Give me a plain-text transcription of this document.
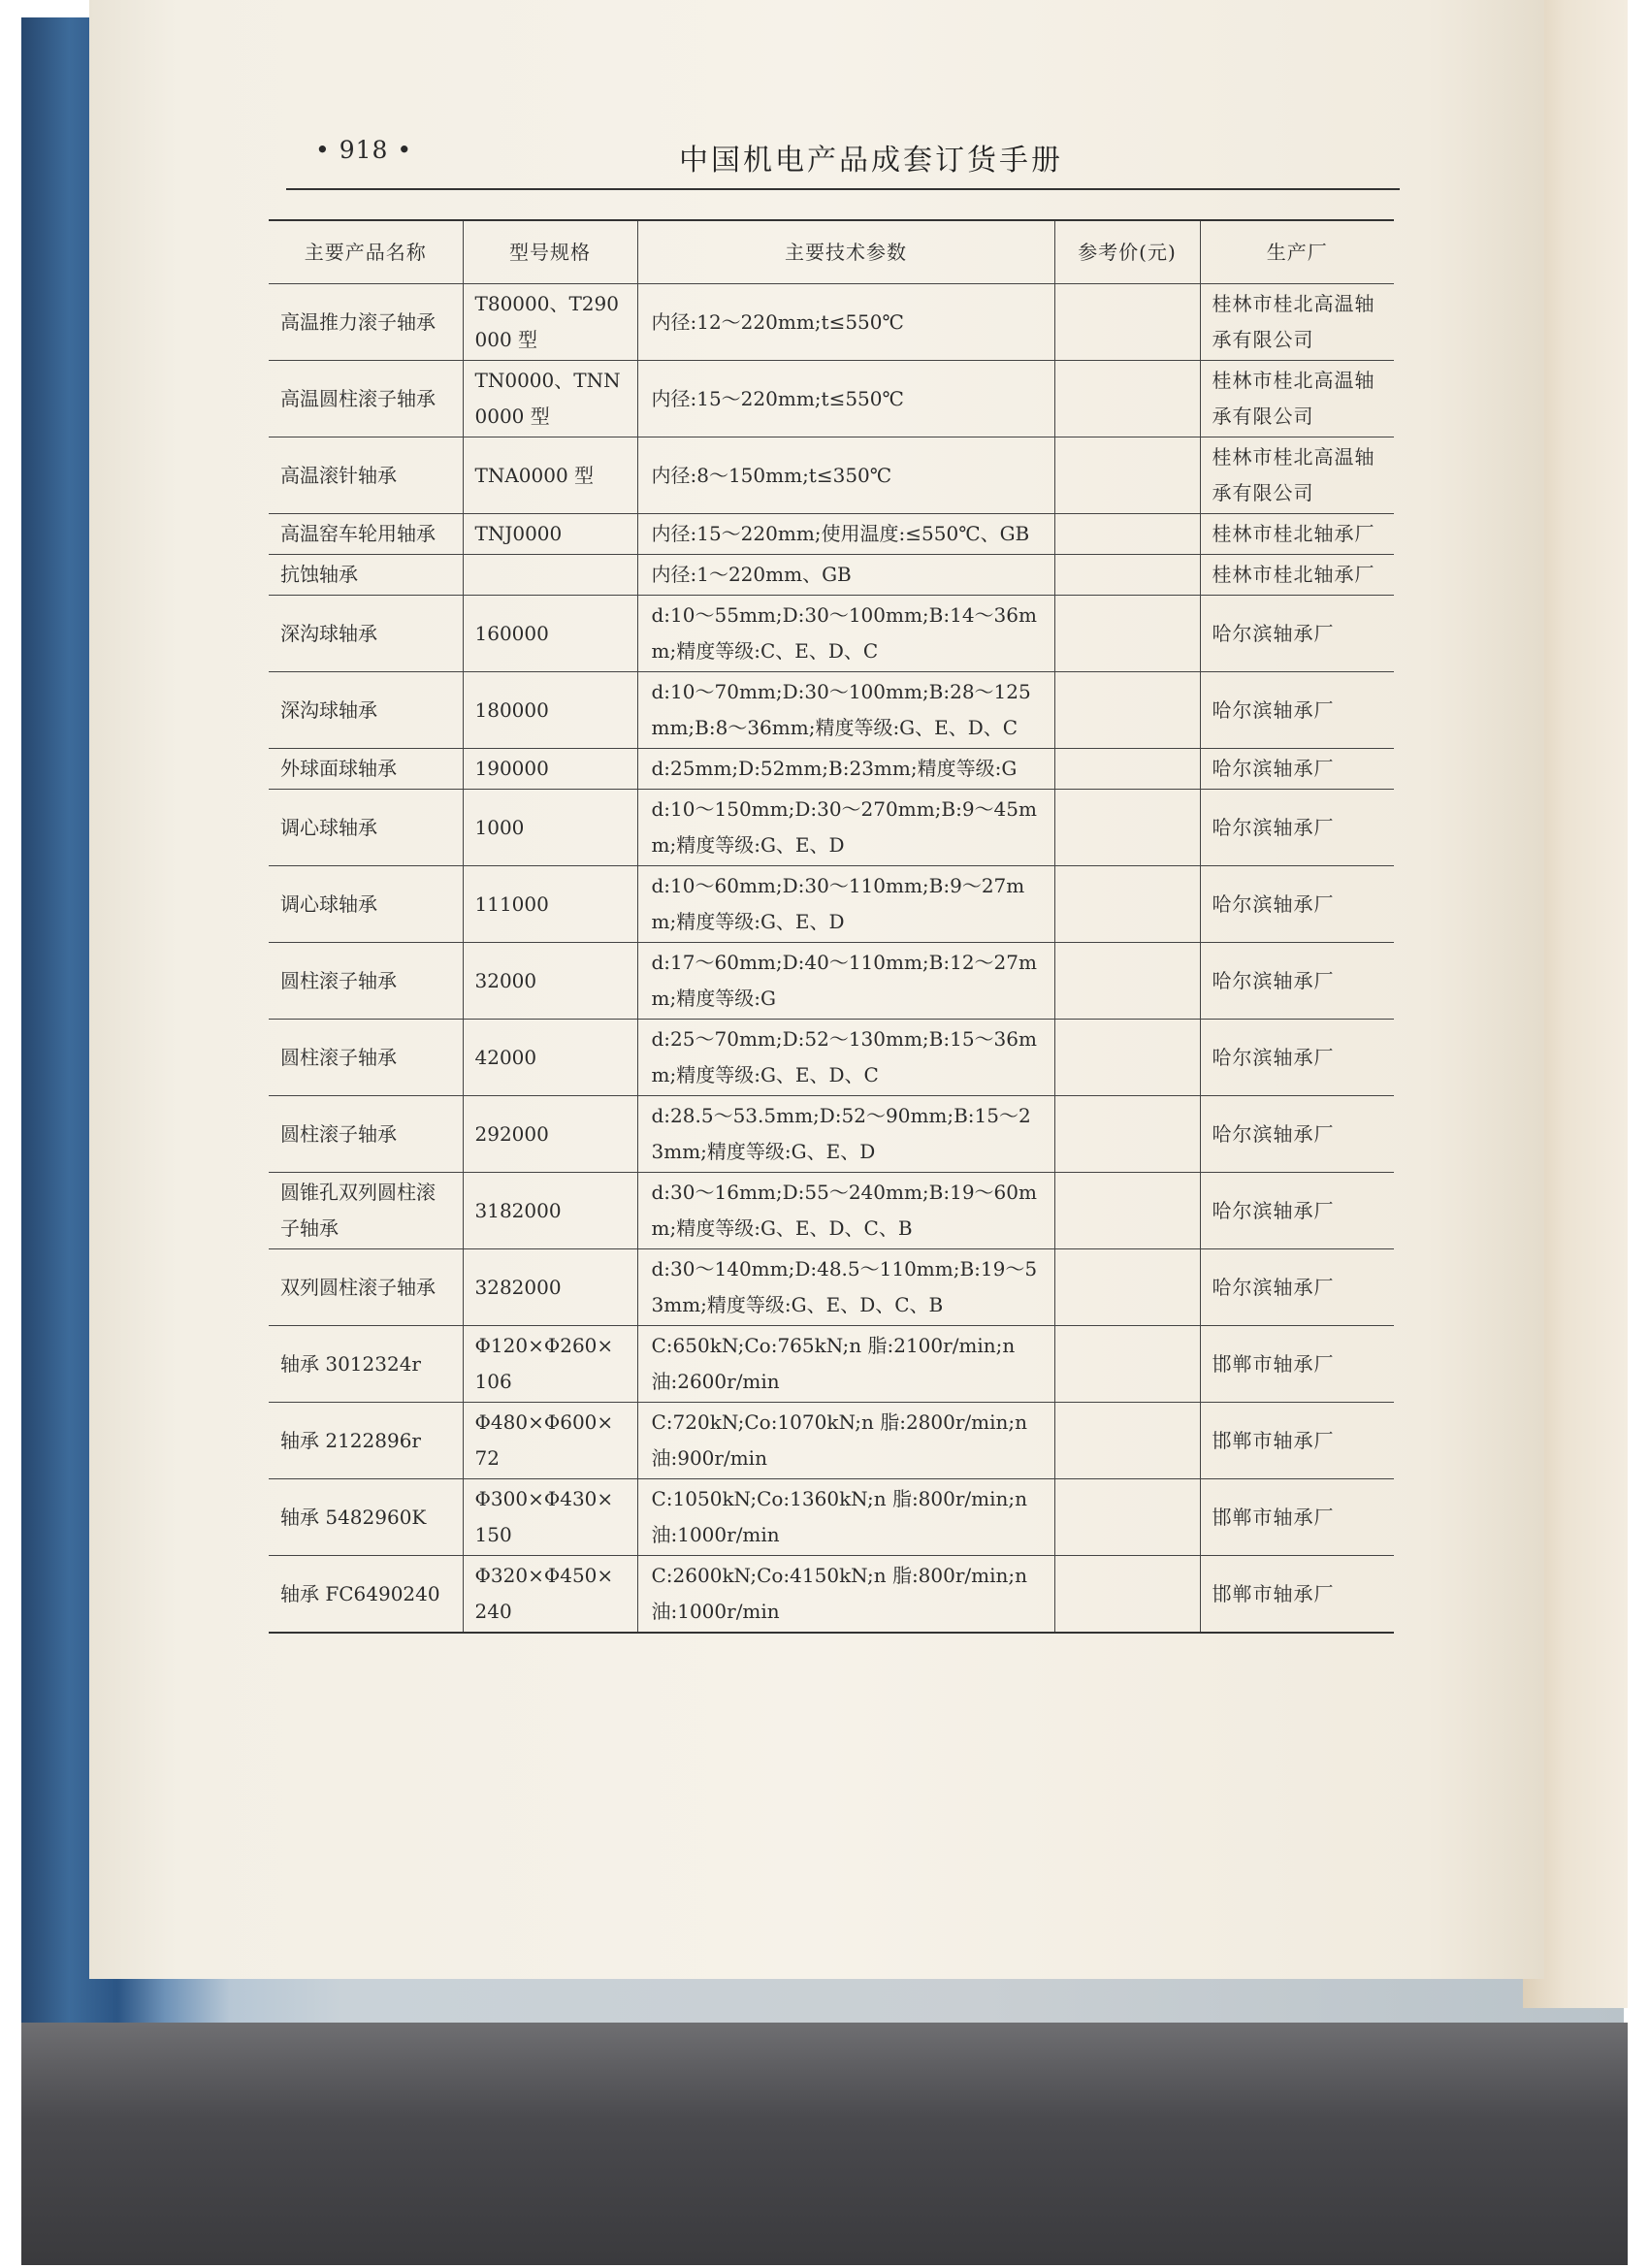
• 918 •	中国机电产品成套订货手册
主要产品名称	型号规格	主要技术参数	参考价(元)	生产厂
高温推力滚子轴承	T80000、T290000 型	内径:12～220mm;t≤550℃		桂林市桂北高温轴承有限公司
高温圆柱滚子轴承	TN0000、TNN0000 型	内径:15～220mm;t≤550℃		桂林市桂北高温轴承有限公司
高温滚针轴承	TNA0000 型	内径:8～150mm;t≤350℃		桂林市桂北高温轴承有限公司
高温窑车轮用轴承	TNJ0000	内径:15～220mm;使用温度:≤550℃、GB		桂林市桂北轴承厂
抗蚀轴承		内径:1～220mm、GB		桂林市桂北轴承厂
深沟球轴承	160000	d:10～55mm;D:30～100mm;B:14～36mm;精度等级:C、E、D、C		哈尔滨轴承厂
深沟球轴承	180000	d:10～70mm;D:30～100mm;B:28～125mm;B:8～36mm;精度等级:G、E、D、C		哈尔滨轴承厂
外球面球轴承	190000	d:25mm;D:52mm;B:23mm;精度等级:G		哈尔滨轴承厂
调心球轴承	1000	d:10～150mm;D:30～270mm;B:9～45mm;精度等级:G、E、D		哈尔滨轴承厂
调心球轴承	111000	d:10～60mm;D:30～110mm;B:9～27mm;精度等级:G、E、D		哈尔滨轴承厂
圆柱滚子轴承	32000	d:17～60mm;D:40～110mm;B:12～27mm;精度等级:G		哈尔滨轴承厂
圆柱滚子轴承	42000	d:25～70mm;D:52～130mm;B:15～36mm;精度等级:G、E、D、C		哈尔滨轴承厂
圆柱滚子轴承	292000	d:28.5～53.5mm;D:52～90mm;B:15～23mm;精度等级:G、E、D		哈尔滨轴承厂
圆锥孔双列圆柱滚子轴承	3182000	d:30～16mm;D:55～240mm;B:19～60mm;精度等级:G、E、D、C、B		哈尔滨轴承厂
双列圆柱滚子轴承	3282000	d:30～140mm;D:48.5～110mm;B:19～53mm;精度等级:G、E、D、C、B		哈尔滨轴承厂
轴承 3012324r	Φ120×Φ260×106	C:650kN;Co:765kN;n 脂:2100r/min;n 油:2600r/min		邯郸市轴承厂
轴承 2122896r	Φ480×Φ600×72	C:720kN;Co:1070kN;n 脂:2800r/min;n 油:900r/min		邯郸市轴承厂
轴承 5482960K	Φ300×Φ430×150	C:1050kN;Co:1360kN;n 脂:800r/min;n 油:1000r/min		邯郸市轴承厂
轴承 FC6490240	Φ320×Φ450×240	C:2600kN;Co:4150kN;n 脂:800r/min;n 油:1000r/min		邯郸市轴承厂
